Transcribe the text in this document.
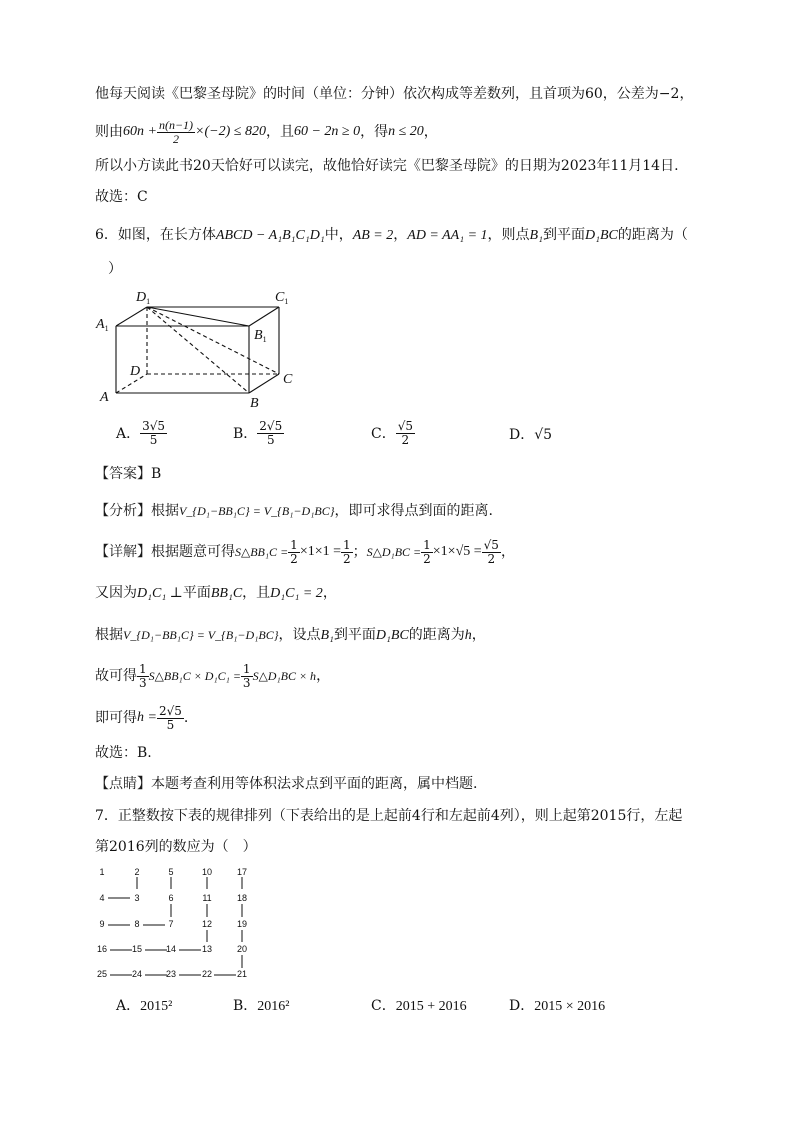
他每天阅读《巴黎圣母院》的时间（单位：分钟）依次构成等差数列，且首项为60，公差为−2，
则由 $60n + \frac{n(n-1)}{2} \times(-2) \le 820$ ，且 60 − 2n ≥ 0 ，得 n ≤ 20 ，
所以小方读此书20天恰好可以读完，故他恰好读完《巴黎圣母院》的日期为2023年11月14日.
故选：C
6．如图，在长方体ABCD − A₁B₁C₁D₁中，AB = 2，AD = AA₁ = 1，则点B₁到平面D₁BC的距离为（
）
$D_1$	$C_1$
$A_1$	$B_1$
D
C
A	B
A． $\frac{3√5}{5}$	B． $\frac{2√5}{5}$	C． $\frac{√5}{2}$	D．√5
【答案】B
【分析】根据V_{D₁−BB₁C} = V_{B₁−D₁BC}，即可求得点到面的距离.
【详解】 根据题意可得 S△BB₁C = $\frac{1}{2} \times 1\times 1 = \frac{1}{2}$ ； S△D₁BC = $\frac{1}{2} \times 1\times√5 = \frac{√5}{2}$ ，
又因为D₁C₁ ⊥平面BB₁C，且D₁C₁ = 2，
根据V_{D₁−BB₁C} = V_{B₁−D₁BC}，设点B₁到平面D₁BC的距离为h，
故可得 $\frac{1}{3}$ S△BB₁C × $D_1C_1 = \frac{1}{3}$ S△D₁BC × h ，
即可得 $h = \frac{2√5}{5}$ .
故选：B.
【点睛】本题考查利用等体积法求点到平面的距离，属中档题.
7．正整数按下表的规律排列（下表给出的是上起前4行和左起前4列），则上起第2015行，左起
第2016列的数应为（　）
1	2	5	10	17
4	3	6	11	18
9	8	7	12	19
16	15	14	13	20
25	24	23	22	21
A．2015²	B．2016²	C．2015 + 2016	D．2015 × 2016
